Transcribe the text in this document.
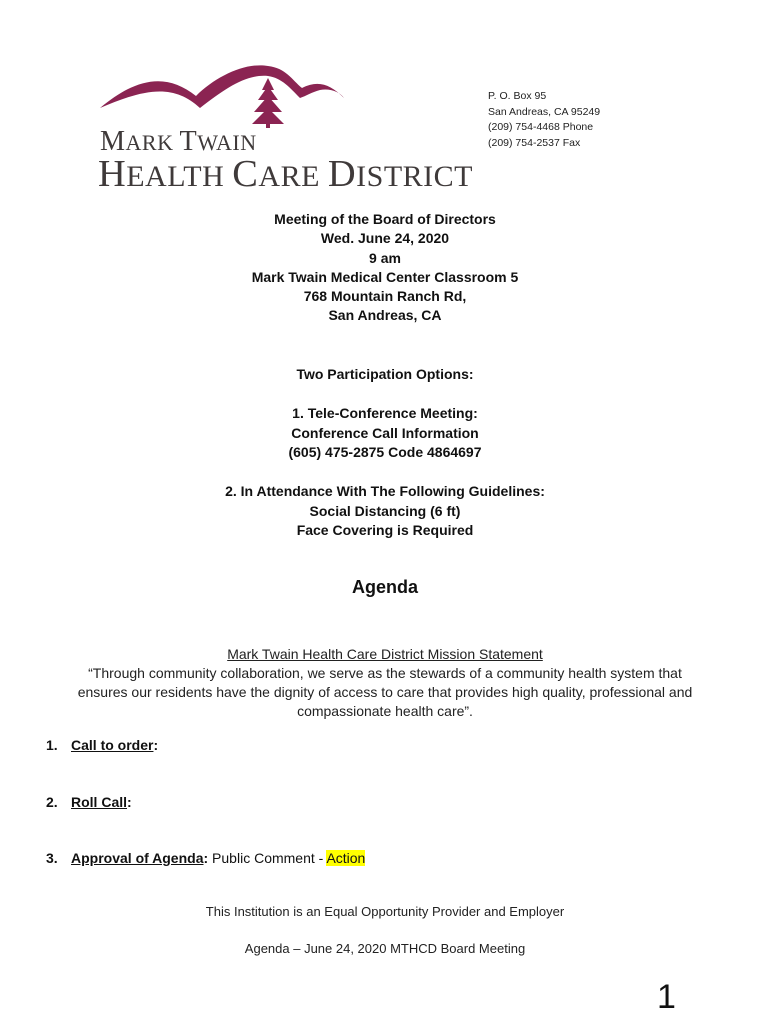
MARK TWAIN
HEALTH CARE DISTRICT
P. O. Box 95
San Andreas, CA 95249
(209) 754-4468 Phone
(209) 754-2537 Fax
Meeting of the Board of Directors
Wed. June 24, 2020
9 am
Mark Twain Medical Center Classroom 5
768 Mountain Ranch Rd,
San Andreas, CA
Two Participation Options:
1. Tele-Conference Meeting:
Conference Call Information
(605) 475-2875 Code 4864697
2. In Attendance With The Following Guidelines:
Social Distancing (6 ft)
Face Covering is Required
Agenda
Mark Twain Health Care District Mission Statement
“Through community collaboration, we serve as the stewards of a community health system that
ensures our residents have the dignity of access to care that provides high quality, professional and
compassionate health care”.
1. Call to order:
2. Roll Call:
3. Approval of Agenda: Public Comment - Action
This Institution is an Equal Opportunity Provider and Employer
Agenda – June 24, 2020 MTHCD Board Meeting
1
